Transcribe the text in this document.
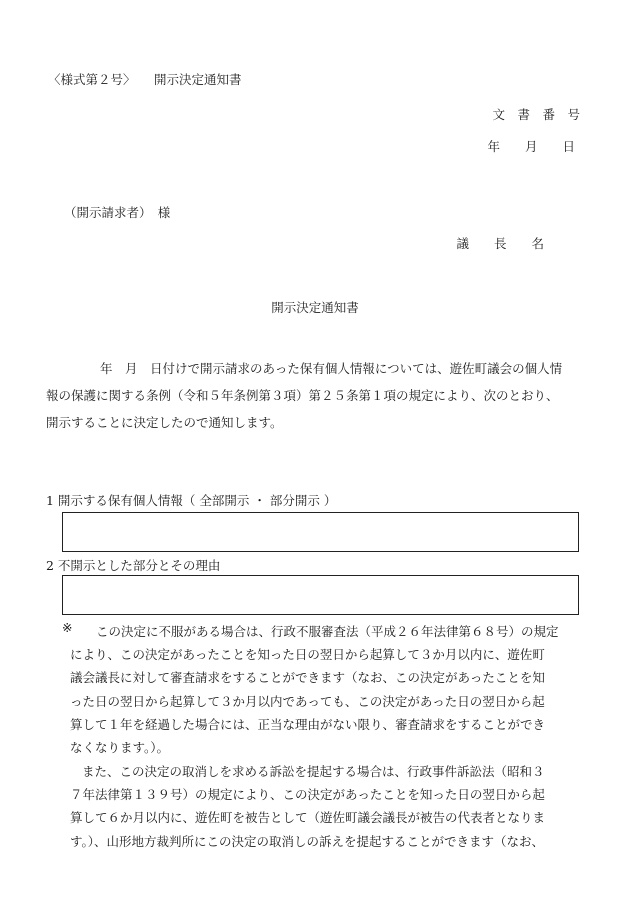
〈様式第２号〉 開示決定通知書
文　書　番　号
年　　月　　日
（開示請求者）　様
議　　長　　名
開示決定通知書
年　月　日付けで開示請求のあった保有個人情報については、遊佐町議会の個人情
報の保護に関する条例（令和５年条例第３項）第２５条第１項の規定により、次のとおり、
開示することに決定したので通知します。
1 開示する保有個人情報（ 全部開示 ・ 部分開示 ）
2 不開示とした部分とその理由
※	この決定に不服がある場合は、行政不服審査法（平成２６年法律第６８号）の規定
により、この決定があったことを知った日の翌日から起算して３か月以内に、遊佐町
議会議長に対して審査請求をすることができます（なお、この決定があったことを知
った日の翌日から起算して３か月以内であっても、この決定があった日の翌日から起
算して１年を経過した場合には、正当な理由がない限り、審査請求をすることができ
なくなります。）。
また、この決定の取消しを求める訴訟を提起する場合は、行政事件訴訟法（昭和３
７年法律第１３９号）の規定により、この決定があったことを知った日の翌日から起
算して６か月以内に、遊佐町を被告として（遊佐町議会議長が被告の代表者となりま
す。）、山形地方裁判所にこの決定の取消しの訴えを提起することができます（なお、
